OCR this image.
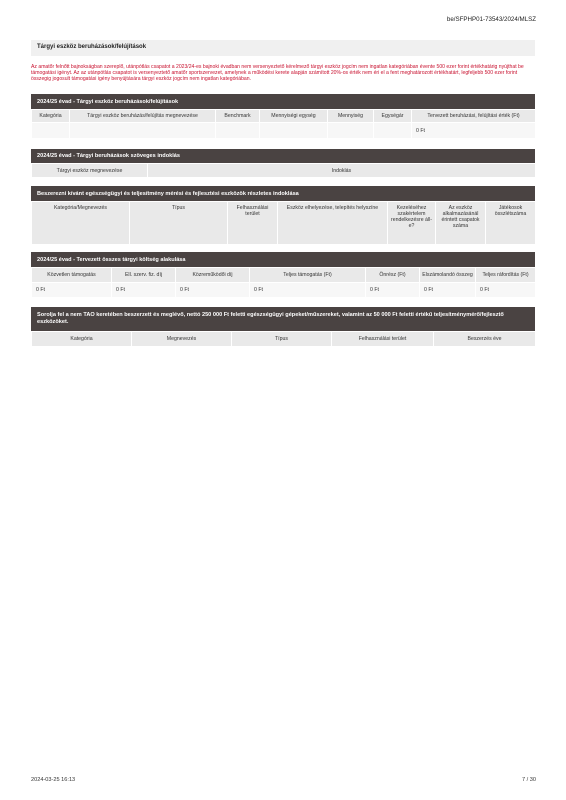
be/SFPHP01-73543/2024/MLSZ
Tárgyi eszköz beruházások/felújítások
Az amatőr felnőtt bajnokságban szereplő, utánpótlás csapatot a 2023/24-es bajnoki évadban nem versenyeztető kérelmező tárgyi eszköz jogcím nem ingatlan kategóriában évente 500 ezer forint értékhatárig nyújthat be támogatási igényt. Az az utánpótlás csapatot is versenyeztető amatőr sportszervezet, amelynek a működési kerete alapján számított 20%-os érték nem éri el a fent meghatározott értékhatárt, legfeljebb 500 ezer forint összegig jogosult támogatási igény benyújtására tárgyi eszköz jogcím nem ingatlan kategóriában.
2024/25 évad - Tárgyi eszköz beruházások/felújítások
Kategória	Tárgyi eszköz beruházás/felújítás megnevezése	Benchmark	Mennyiségi egység	Mennyiség	Egységár	Tervezett beruházási, felújítási érték (Ft)
						0 Ft
2024/25 évad - Tárgyi beruházások szöveges indoklás
Tárgyi eszköz megnevezése	Indoklás
Beszerezni kívánt egészségügyi és teljesítmény mérési és fejlesztési eszközök részletes indoklása
Kategória/Megnevezés	Típus	Felhasználási terület	Eszköz elhelyezése, telepítés helyszíne	Kezeléséhez szakértelem rendelkezésre áll-e?	Az eszköz alkalmazásánál érintett csapatok száma	Játékosok összlétszáma
2024/25 évad - Tervezett összes tárgyi költség alakulása
Közvetlen támogatás	Ell. szerv. fiz. díj	Közreműködői díj	Teljes támogatás (Ft)	Önrész (Ft)	Elszámolandó összeg	Teljes ráfordítás (Ft)
0 Ft	0 Ft	0 Ft	0 Ft	0 Ft	0 Ft	0 Ft
Sorolja fel a nem TAO keretében beszerzett és meglévő, nettó 250 000 Ft feletti egészségügyi gépeket/műszereket, valamint az 50 000 Ft feletti értékű teljesítménymérő/fejlesztő eszközöket.
Kategória	Megnevezés	Típus	Felhasználási terület	Beszerzés éve
2024-03-25 16:13	7 / 30
